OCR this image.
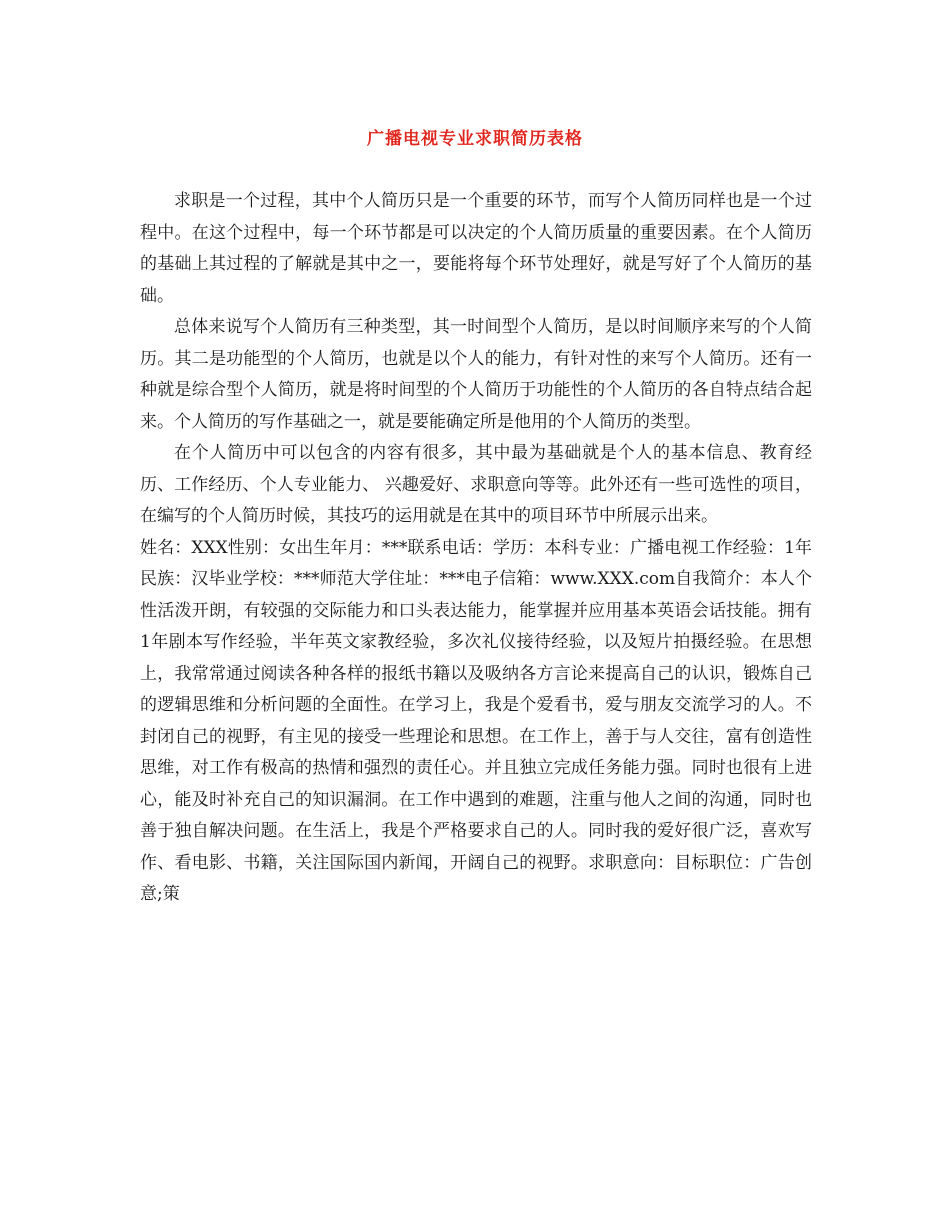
广播电视专业求职简历表格

求职是一个过程，其中个人简历只是一个重要的环节，而写个人简历同样也是一个过程中。在这个过程中，每一个环节都是可以决定的个人简历质量的重要因素。在个人简历的基础上其过程的了解就是其中之一，要能将每个环节处理好，就是写好了个人简历的基础。

总体来说写个人简历有三种类型，其一时间型个人简历，是以时间顺序来写的个人简历。其二是功能型的个人简历，也就是以个人的能力，有针对性的来写个人简历。还有一种就是综合型个人简历，就是将时间型的个人简历于功能性的个人简历的各自特点结合起来。个人简历的写作基础之一，就是要能确定所是他用的个人简历的类型。

在个人简历中可以包含的内容有很多，其中最为基础就是个人的基本信息、教育经历、工作经历、个人专业能力、 兴趣爱好、求职意向等等。此外还有一些可选性的项目，在编写的个人简历时候，其技巧的运用就是在其中的项目环节中所展示出来。

姓名：XXX性别：女出生年月：***联系电话：学历：本科专业：广播电视工作经验：1年民族：汉毕业学校：***师范大学住址：***电子信箱：www.XXX.com自我简介：本人个性活泼开朗，有较强的交际能力和口头表达能力，能掌握并应用基本英语会话技能。拥有1年剧本写作经验，半年英文家教经验，多次礼仪接待经验，以及短片拍摄经验。在思想上，我常常通过阅读各种各样的报纸书籍以及吸纳各方言论来提高自己的认识，锻炼自己的逻辑思维和分析问题的全面性。在学习上，我是个爱看书，爱与朋友交流学习的人。不封闭自己的视野，有主见的接受一些理论和思想。在工作上，善于与人交往，富有创造性思维，对工作有极高的热情和强烈的责任心。并且独立完成任务能力强。同时也很有上进心，能及时补充自己的知识漏洞。在工作中遇到的难题，注重与他人之间的沟通，同时也善于独自解决问题。在生活上，我是个严格要求自己的人。同时我的爱好很广泛，喜欢写作、看电影、书籍，关注国际国内新闻，开阔自己的视野。求职意向：目标职位：广告创意;策
